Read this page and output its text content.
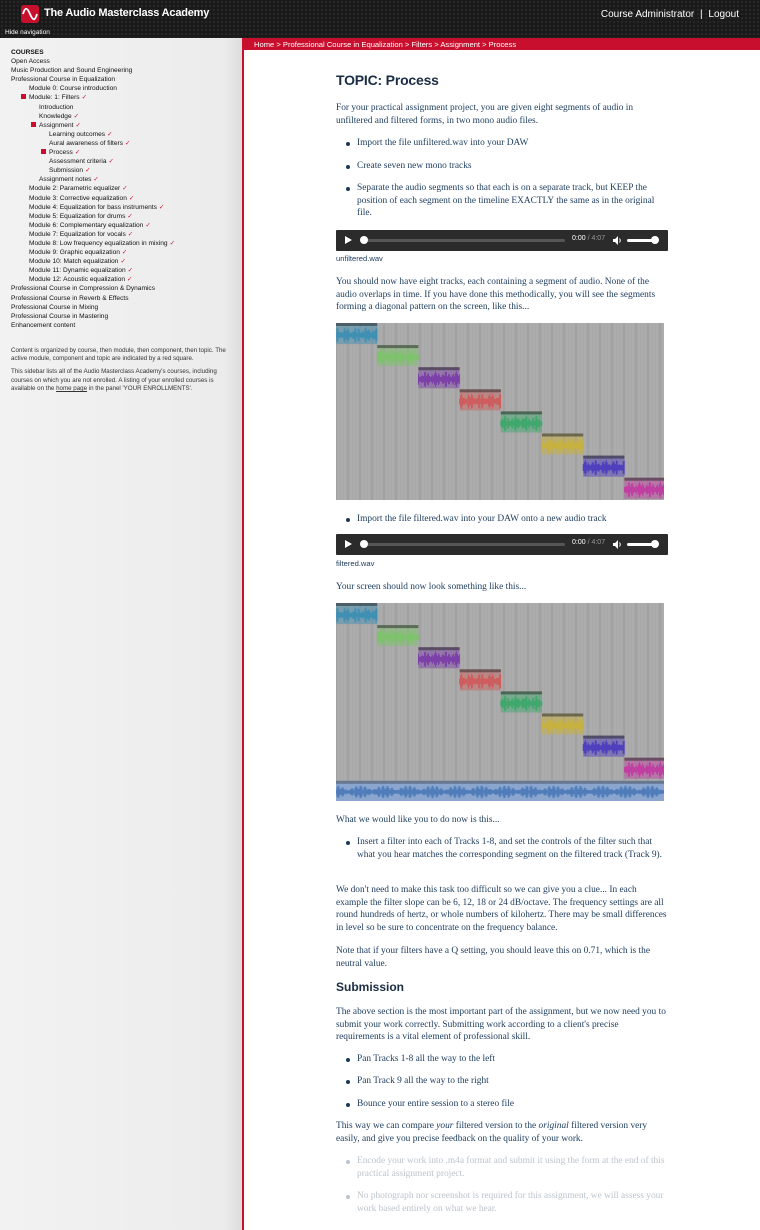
The Audio Masterclass Academy	Course Administrator | Logout
Hide navigation
COURSES
Open Access
Music Production and Sound Engineering
Professional Course in Equalization
Module 0: Course introduction
Module: 1: Filters ✓
Introduction
Knowledge ✓
Assignment ✓
Learning outcomes ✓
Aural awareness of filters ✓
Process ✓
Assessment criteria ✓
Submission ✓
Assignment notes ✓
Module 2: Parametric equalizer ✓
Module 3: Corrective equalization ✓
Module 4: Equalization for bass instruments ✓
Module 5: Equalization for drums ✓
Module 6: Complementary equalization ✓
Module 7: Equalization for vocals ✓
Module 8: Low frequency equalization in mixing ✓
Module 9: Graphic equalization ✓
Module 10: Match equalization ✓
Module 11: Dynamic equalization ✓
Module 12: Acoustic equalization ✓
Professional Course in Compression & Dynamics
Professional Course in Reverb & Effects
Professional Course in Mixing
Professional Course in Mastering
Enhancement content

Content is organized by course, then module, then component, then topic. The active module, component and topic are indicated by a red square.

This sidebar lists all of the Audio Masterclass Academy's courses, including courses on which you are not enrolled. A listing of your enrolled courses is available on the home page in the panel 'YOUR ENROLLMENTS'.

Home > Professional Course in Equalization > Filters > Assignment > Process
TOPIC: Process
For your practical assignment project, you are given eight segments of audio in unfiltered and filtered forms, in two mono audio files.
Import the file unfiltered.wav into your DAW
Create seven new mono tracks
Separate the audio segments so that each is on a separate track, but KEEP the position of each segment on the timeline EXACTLY the same as in the original file.
0:00 / 4:07
unfiltered.wav
You should now have eight tracks, each containing a segment of audio. None of the audio overlaps in time. If you have done this methodically, you will see the segments forming a diagonal pattern on the screen, like this...
Import the file filtered.wav into your DAW onto a new audio track
0:00 / 4:07
filtered.wav
Your screen should now look something like this...
What we would like you to do now is this...
Insert a filter into each of Tracks 1-8, and set the controls of the filter such that what you hear matches the corresponding segment on the filtered track (Track 9).
We don't need to make this task too difficult so we can give you a clue... In each example the filter slope can be 6, 12, 18 or 24 dB/octave. The frequency settings are all round hundreds of hertz, or whole numbers of kilohertz. There may be small differences in level so be sure to concentrate on the frequency balance.
Note that if your filters have a Q setting, you should leave this on 0.71, which is the neutral value.
Submission
The above section is the most important part of the assignment, but we now need you to submit your work correctly. Submitting work according to a client's precise requirements is a vital element of professional skill.
Pan Tracks 1-8 all the way to the left
Pan Track 9 all the way to the right
Bounce your entire session to a stereo file
This way we can compare your filtered version to the original filtered version very easily, and give you precise feedback on the quality of your work.
Encode your work into .m4a format and submit it using the form at the end of this practical assignment project.
No photograph nor screenshot is required for this assignment, we will assess your work based entirely on what we hear.
